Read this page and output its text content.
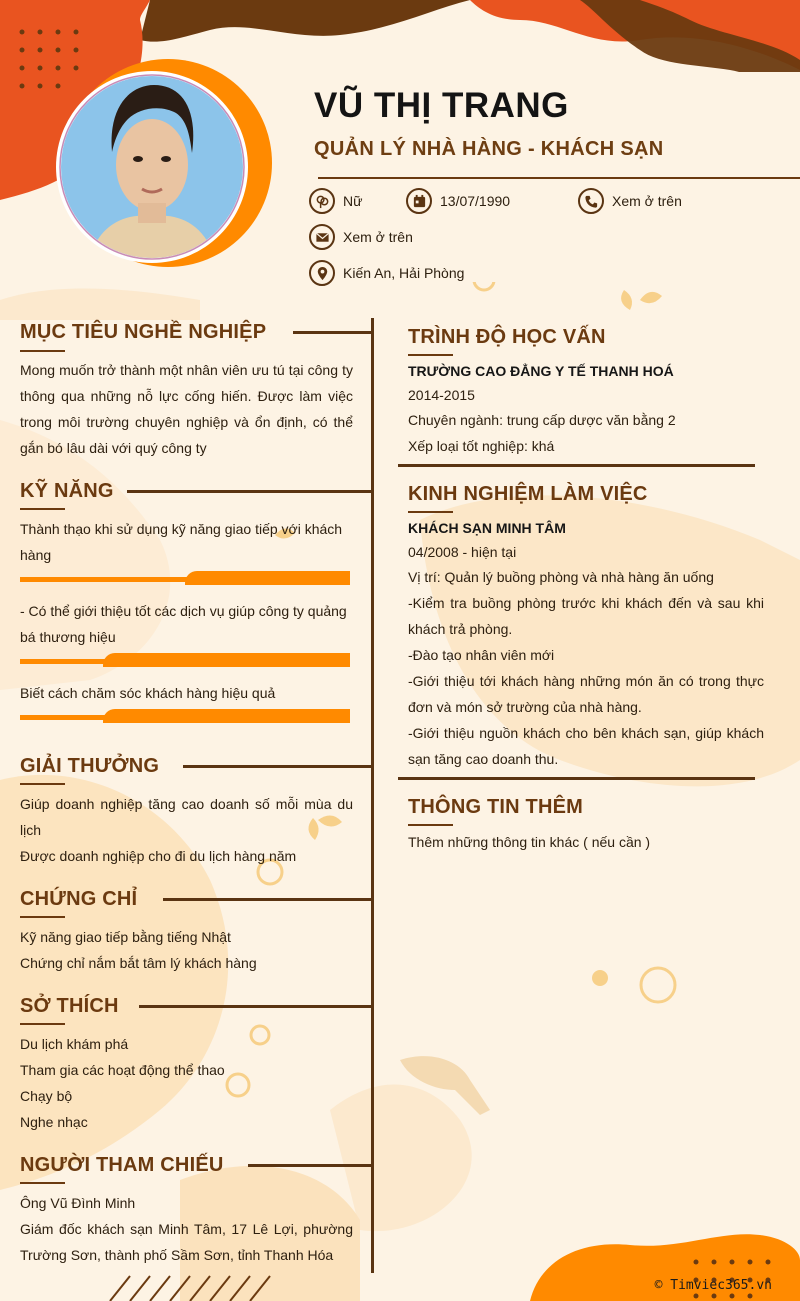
VŨ THỊ TRANG
QUẢN LÝ NHÀ HÀNG - KHÁCH SẠN
Nữ	13/07/1990	Xem ở trên
Xem ở trên
Kiến An, Hải Phòng
MỤC TIÊU NGHỀ NGHIỆP
Mong muốn trở thành một nhân viên ưu tú tại công ty thông qua những nỗ lực cống hiến. Được làm việc trong môi trường chuyên nghiệp và ổn định, có thể gắn bó lâu dài với quý công ty
KỸ NĂNG
Thành thạo khi sử dụng kỹ năng giao tiếp với khách hàng
- Có thể giới thiệu tốt các dịch vụ giúp công ty quảng bá thương hiệu
Biết cách chăm sóc khách hàng hiệu quả
GIẢI THƯỞNG
Giúp doanh nghiệp tăng cao doanh số mỗi mùa du lịch
Được doanh nghiệp cho đi du lịch hàng năm
CHỨNG CHỈ
Kỹ năng giao tiếp bằng tiếng Nhật
Chứng chỉ nắm bắt tâm lý khách hàng
SỞ THÍCH
Du lịch khám phá
Tham gia các hoạt động thể thao
Chạy bộ
Nghe nhạc
NGƯỜI THAM CHIẾU
Ông Vũ Đình Minh
Giám đốc khách sạn Minh Tâm, 17 Lê Lợi, phường Trường Sơn, thành phố Sầm Sơn, tỉnh Thanh Hóa
TRÌNH ĐỘ HỌC VẤN
TRƯỜNG CAO ĐẲNG Y TẾ THANH HOÁ
2014-2015
Chuyên ngành: trung cấp dược văn bằng 2
Xếp loại tốt nghiệp: khá
KINH NGHIỆM LÀM VIỆC
KHÁCH SẠN MINH TÂM
04/2008 - hiện tại
Vị trí: Quản lý buồng phòng và nhà hàng ăn uống
-Kiểm tra buồng phòng trước khi khách đến và sau khi khách trả phòng.
-Đào tạo nhân viên mới
-Giới thiệu tới khách hàng những món ăn có trong thực đơn và món sở trường của nhà hàng.
-Giới thiệu nguồn khách cho bên khách sạn, giúp khách sạn tăng cao doanh thu.
THÔNG TIN THÊM
Thêm những thông tin khác ( nếu cần )
© Timviec365.vn
